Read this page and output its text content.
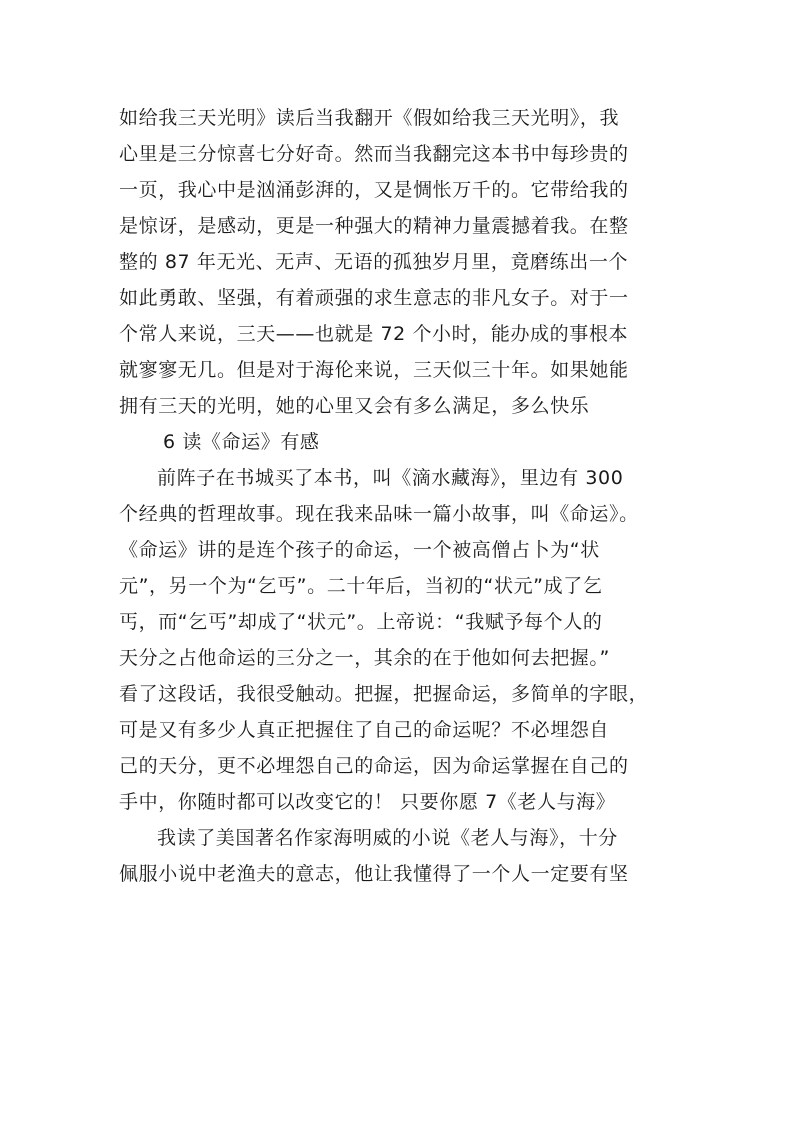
如给我三天光明》读后当我翻开《假如给我三天光明》，我
心里是三分惊喜七分好奇。然而当我翻完这本书中每珍贵的
一页，我心中是汹涌彭湃的，又是惆怅万千的。它带给我的
是惊讶，是感动，更是一种强大的精神力量震撼着我。在整
整的 87 年无光、无声、无语的孤独岁月里，竟磨练出一个
如此勇敢、坚强，有着顽强的求生意志的非凡女子。对于一
个常人来说，三天——也就是 72 个小时，能办成的事根本
就寥寥无几。但是对于海伦来说，三天似三十年。如果她能
拥有三天的光明，她的心里又会有多么满足，多么快乐
6 读《命运》有感
前阵子在书城买了本书，叫《滴水藏海》，里边有 300
个经典的哲理故事。现在我来品味一篇小故事，叫《命运》。
《命运》讲的是连个孩子的命运，一个被高僧占卜为“状
元”，另一个为“乞丐”。二十年后，当初的“状元”成了乞
丐，而“乞丐”却成了“状元”。上帝说：“我赋予每个人的
天分之占他命运的三分之一，其余的在于他如何去把握。”
看了这段话，我很受触动。把握，把握命运，多简单的字眼，
可是又有多少人真正把握住了自己的命运呢？不必埋怨自
己的天分，更不必埋怨自己的命运，因为命运掌握在自己的
手中，你随时都可以改变它的！ 只要你愿 7《老人与海》
我读了美国著名作家海明威的小说《老人与海》，十分
佩服小说中老渔夫的意志，他让我懂得了一个人一定要有坚
